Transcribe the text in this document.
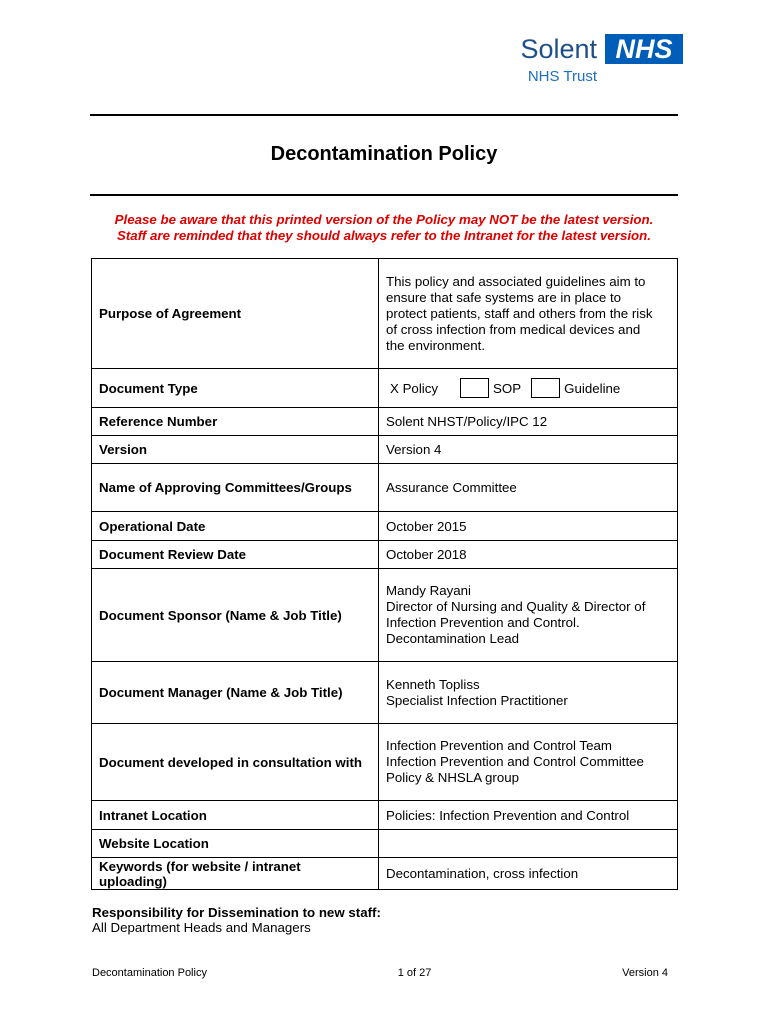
Solent
NHS Trust
NHS
Decontamination Policy
Please be aware that this printed version of the Policy may NOT be the latest version.
Staff are reminded that they should always refer to the Intranet for the latest version.
Purpose of Agreement	This policy and associated guidelines aim to
ensure that safe systems are in place to
protect patients, staff and others from the risk
of cross infection from medical devices and
the environment.

Document Type	X Policy SOP Guideline

Reference Number	Solent NHST/Policy/IPC 12
Version	Version 4
Name of Approving Committees/Groups	Assurance Committee
Operational Date	October 2015
Document Review Date	October 2018
Document Sponsor (Name & Job Title)	Mandy Rayani
Director of Nursing and Quality & Director of
Infection Prevention and Control.
Decontamination Lead

Document Manager (Name & Job Title)	Kenneth Topliss
Specialist Infection Practitioner

Document developed in consultation with	Infection Prevention and Control Team
Infection Prevention and Control Committee
Policy & NHSLA group

Intranet Location	Policies: Infection Prevention and Control
Website Location	
Keywords (for website / intranet uploading)	Decontamination, cross infection
Responsibility for Dissemination to new staff:
All Department Heads and Managers
Decontamination Policy	1 of 27	Version 4
